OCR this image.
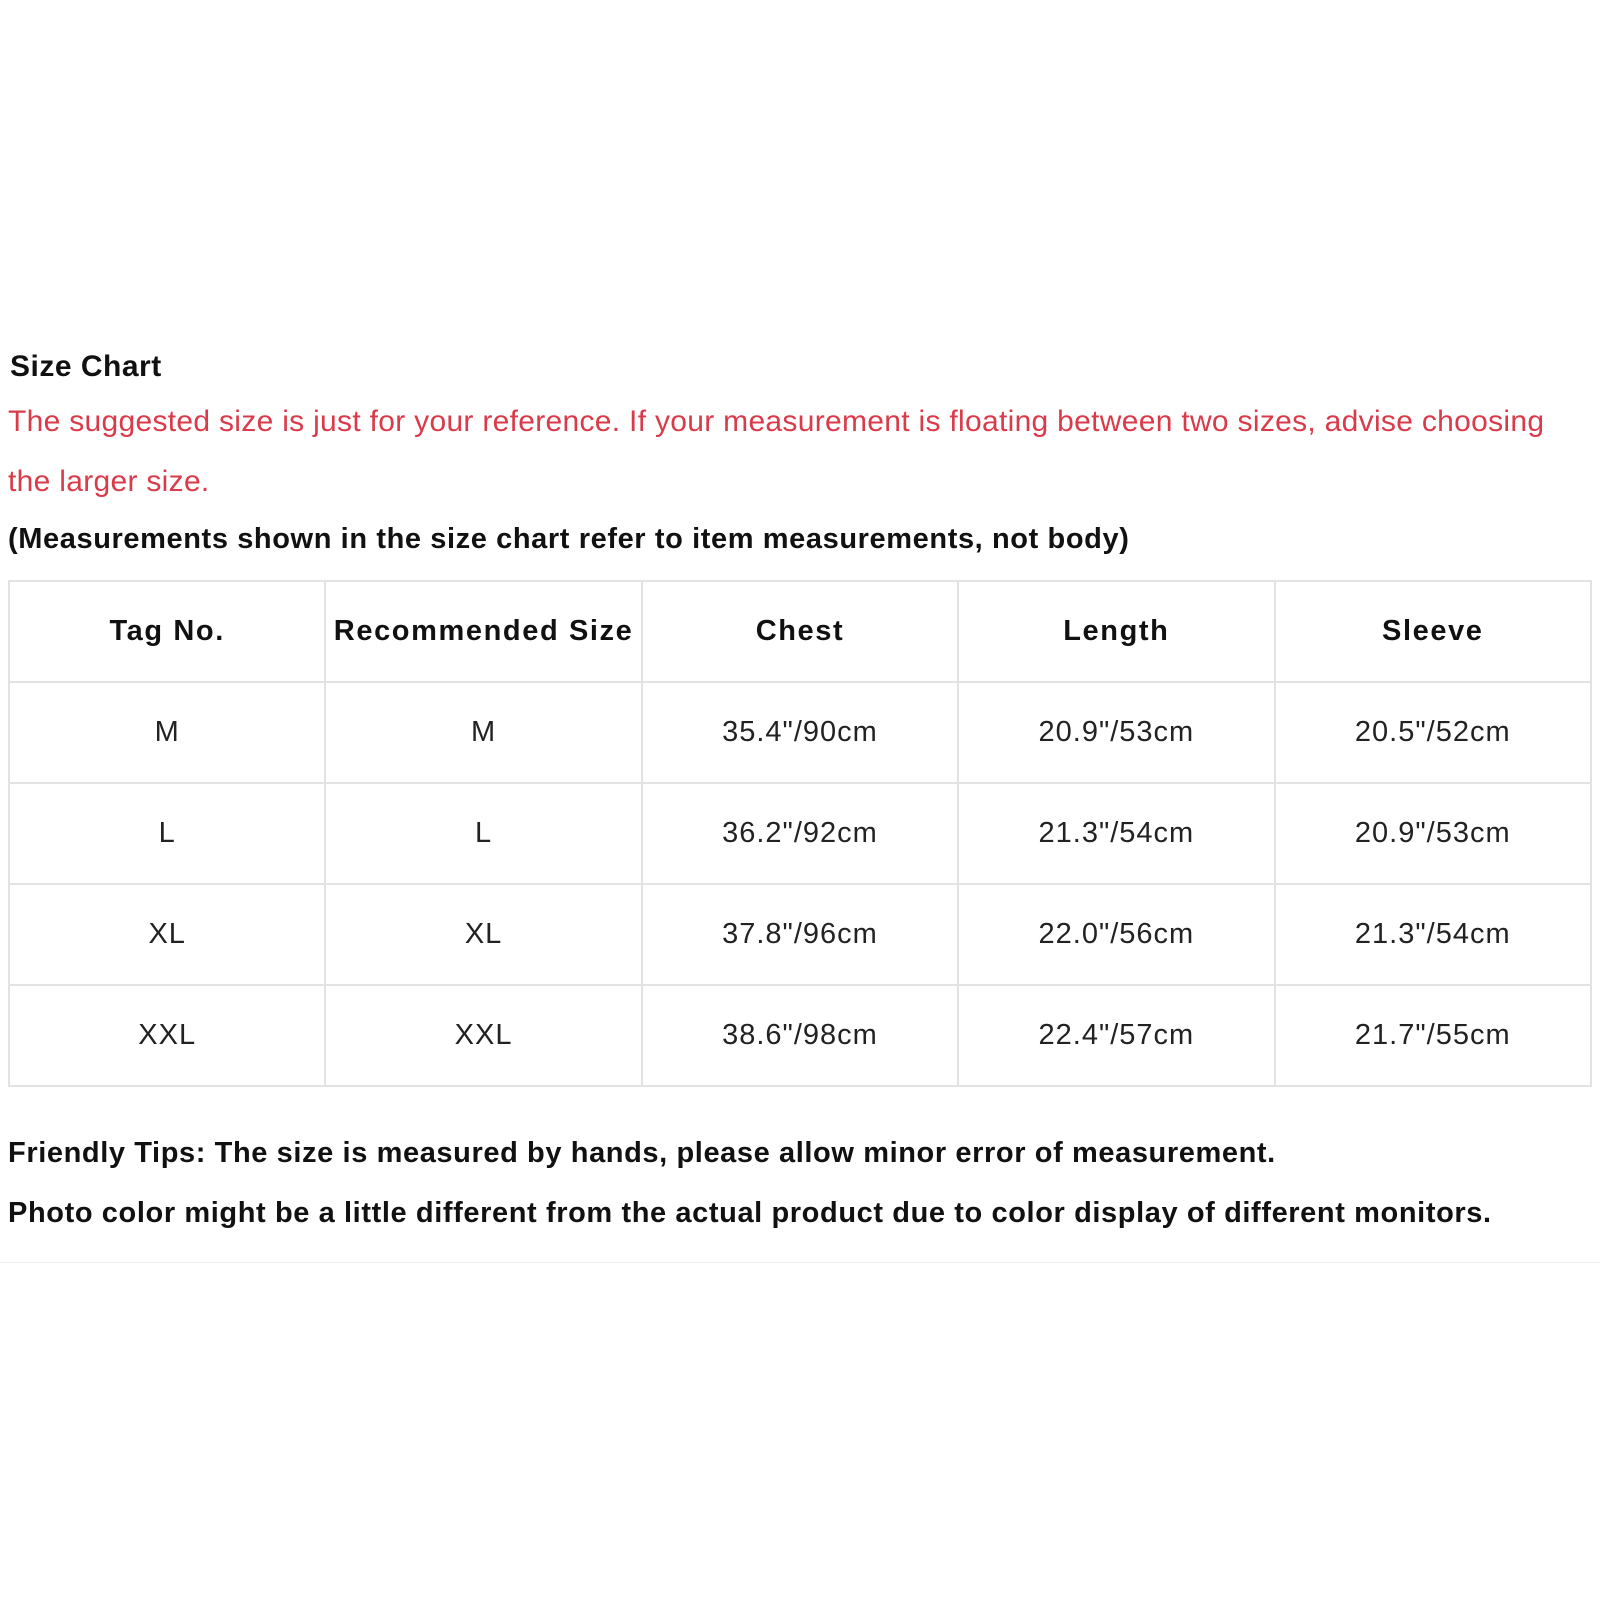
Size Chart
The suggested size is just for your reference. If your measurement is floating between two sizes, advise choosing the larger size.
(Measurements shown in the size chart refer to item measurements, not body)
Tag No.	Recommended Size	Chest	Length	Sleeve
M	M	35.4"/90cm	20.9"/53cm	20.5"/52cm
L	L	36.2"/92cm	21.3"/54cm	20.9"/53cm
XL	XL	37.8"/96cm	22.0"/56cm	21.3"/54cm
XXL	XXL	38.6"/98cm	22.4"/57cm	21.7"/55cm

Friendly Tips: The size is measured by hands, please allow minor error of measurement.

Photo color might be a little different from the actual product due to color display of different monitors.
